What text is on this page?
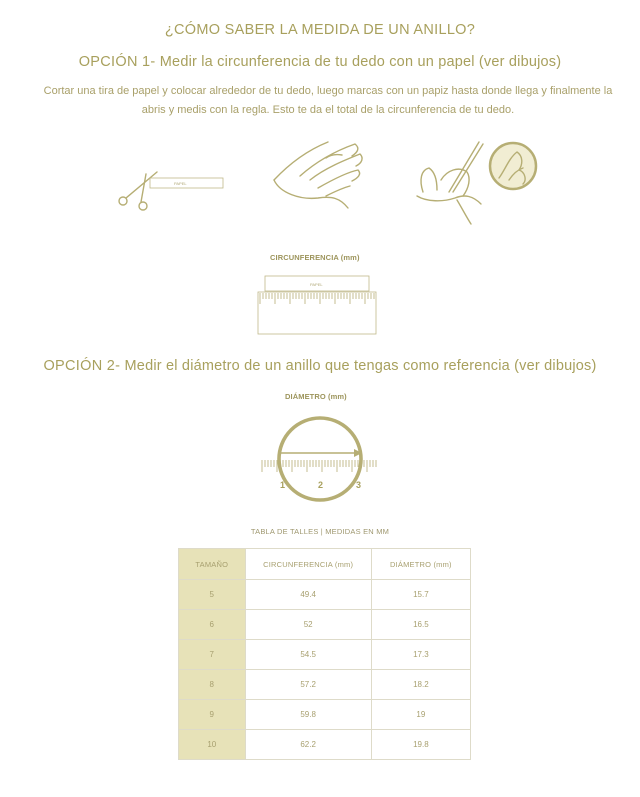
¿CÓMO SABER LA MEDIDA DE UN ANILLO?
OPCIÓN 1- Medir la circunferencia de tu dedo con un papel (ver dibujos)
Cortar una tira de papel y colocar alrededor de tu dedo, luego marcas con un papiz hasta donde llega y finalmente la abris y medis con la regla. Esto te da el total de la circunferencia de tu dedo.
PAPEL
CIRCUNFERENCIA (mm)
PAPEL
OPCIÓN 2- Medir el diámetro de un anillo que tengas como referencia (ver dibujos)
DIÁMETRO (mm)
1	2	3
TABLA DE TALLES | MEDIDAS EN MM
TAMAÑO	CIRCUNFERENCIA (mm)	DIÁMETRO (mm)
5	49.4	15.7
6	52	16.5
7	54.5	17.3
8	57.2	18.2
9	59.8	19
10	62.2	19.8
